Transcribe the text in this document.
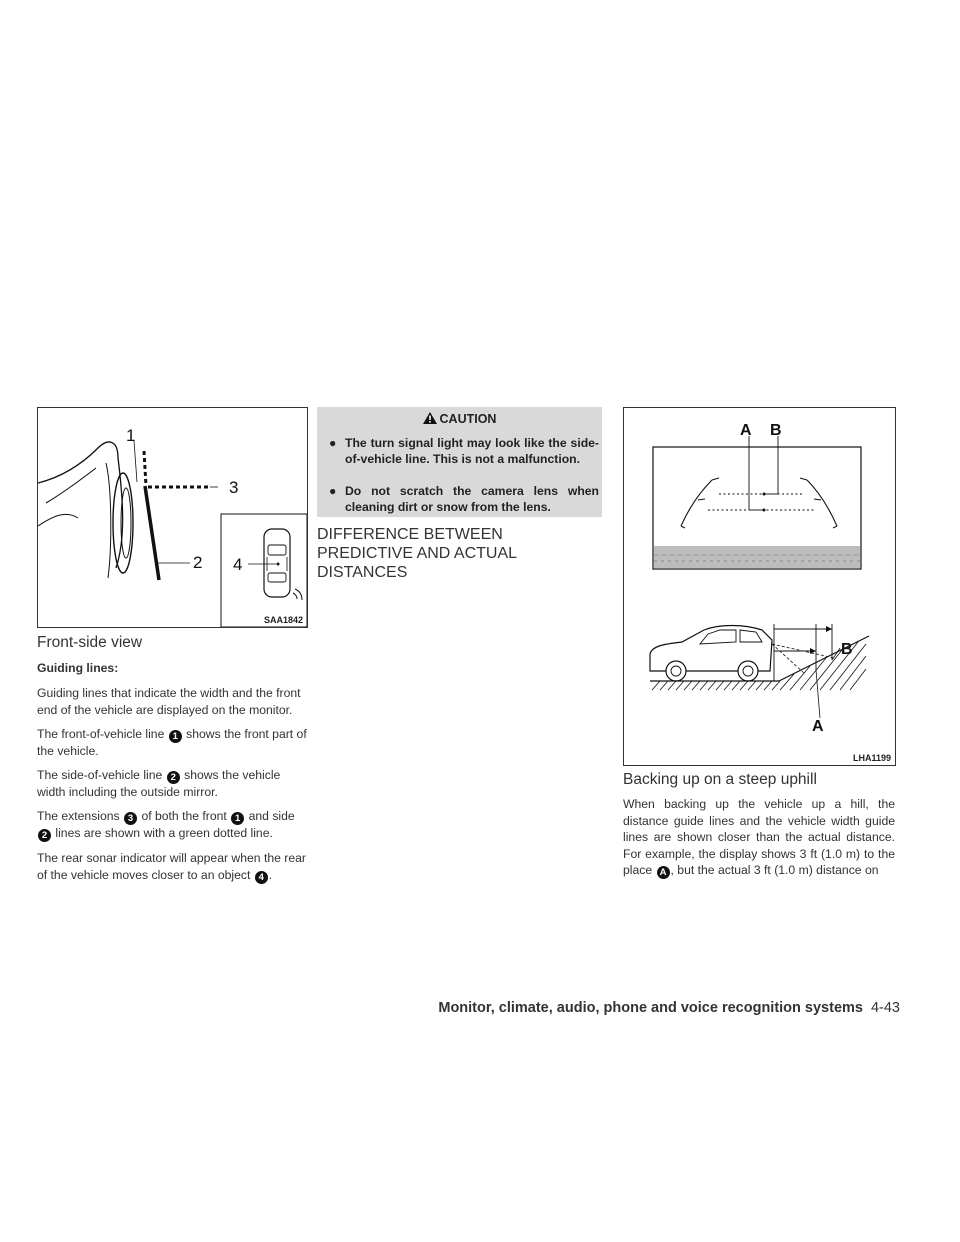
1
3
2 4
SAA1842
Front-side view
Guiding lines:
Guiding lines that indicate the width and the front end of the vehicle are displayed on the monitor.
The front-of-vehicle line 1 shows the front part of the vehicle.
The side-of-vehicle line 2 shows the vehicle width including the outside mirror.
The extensions 3 of both the front 1 and side 2 lines are shown with a green dotted line.
The rear sonar indicator will appear when the rear of the vehicle moves closer to an object 4 .
CAUTION
● The turn signal light may look like the side-of-vehicle line. This is not a malfunction.
● Do not scratch the camera lens when cleaning dirt or snow from the lens.
DIFFERENCE BETWEEN PREDICTIVE AND ACTUAL DISTANCES
A B
B
A
LHA1199
Backing up on a steep uphill
When backing up the vehicle up a hill, the distance guide lines and the vehicle width guide lines are shown closer than the actual distance. For example, the display shows 3 ft (1.0 m) to the place A , but the actual 3 ft (1.0 m) distance on
Monitor, climate, audio, phone and voice recognition systems 4-43
